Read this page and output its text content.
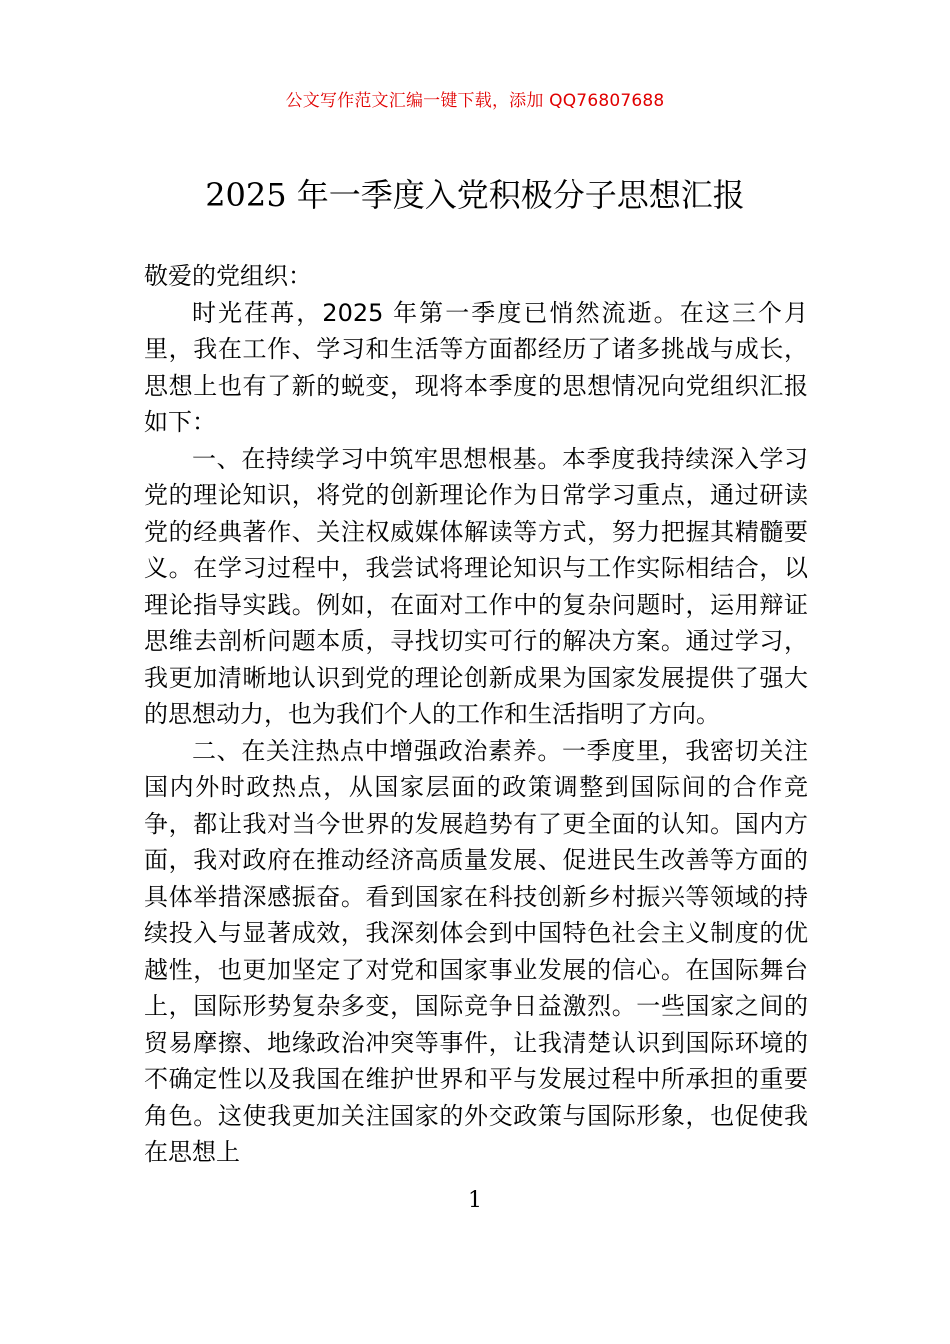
公文写作范文汇编一键下载，添加 QQ76807688
2025 年一季度入党积极分子思想汇报

敬爱的党组织：

时光荏苒，2025 年第一季度已悄然流逝。在这三个月里，我在工作、学习和生活等方面都经历了诸多挑战与成长，思想上也有了新的蜕变，现将本季度的思想情况向党组织汇报如下：

一、在持续学习中筑牢思想根基。本季度我持续深入学习党的理论知识，将党的创新理论作为日常学习重点，通过研读党的经典著作、关注权威媒体解读等方式，努力把握其精髓要义。在学习过程中，我尝试将理论知识与工作实际相结合，以理论指导实践。例如，在面对工作中的复杂问题时，运用辩证思维去剖析问题本质，寻找切实可行的解决方案。通过学习，我更加清晰地认识到党的理论创新成果为国家发展提供了强大的思想动力，也为我们个人的工作和生活指明了方向。

二、在关注热点中增强政治素养。一季度里，我密切关注国内外时政热点，从国家层面的政策调整到国际间的合作竞争，都让我对当今世界的发展趋势有了更全面的认知。国内方面，我对政府在推动经济高质量发展、促进民生改善等方面的具体举措深感振奋。看到国家在科技创新乡村振兴等领域的持续投入与显著成效，我深刻体会到中国特色社会主义制度的优越性，也更加坚定了对党和国家事业发展的信心。在国际舞台上，国际形势复杂多变，国际竞争日益激烈。一些国家之间的贸易摩擦、地缘政治冲突等事件，让我清楚认识到国际环境的不确定性以及我国在维护世界和平与发展过程中所承担的重要角色。这使我更加关注国家的外交政策与国际形象，也促使我在思想上

1
